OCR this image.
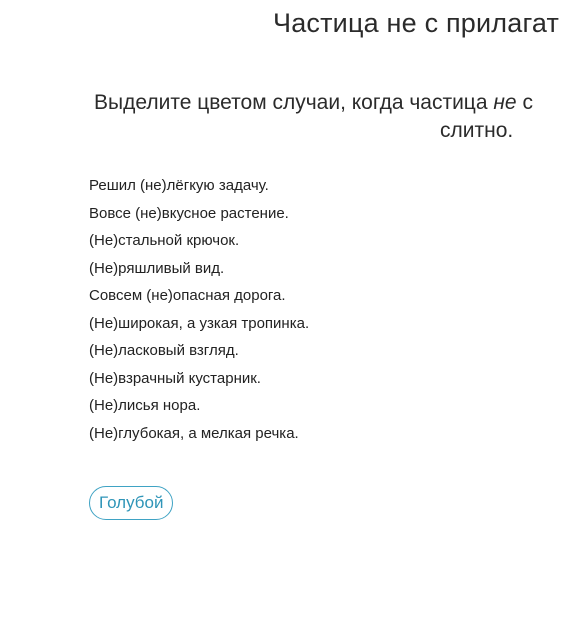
Частица не с прилагат
Выделите цветом случаи, когда частица не с
слитно.
Решил (не)лёгкую задачу.
Вовсе (не)вкусное растение.
(Не)стальной крючок.
(Не)ряшливый вид.
Совсем (не)опасная дорога.
(Не)широкая, а узкая тропинка.
(Не)ласковый взгляд.
(Не)взрачный кустарник.
(Не)лисья нора.
(Не)глубокая, а мелкая речка.
Голубой
